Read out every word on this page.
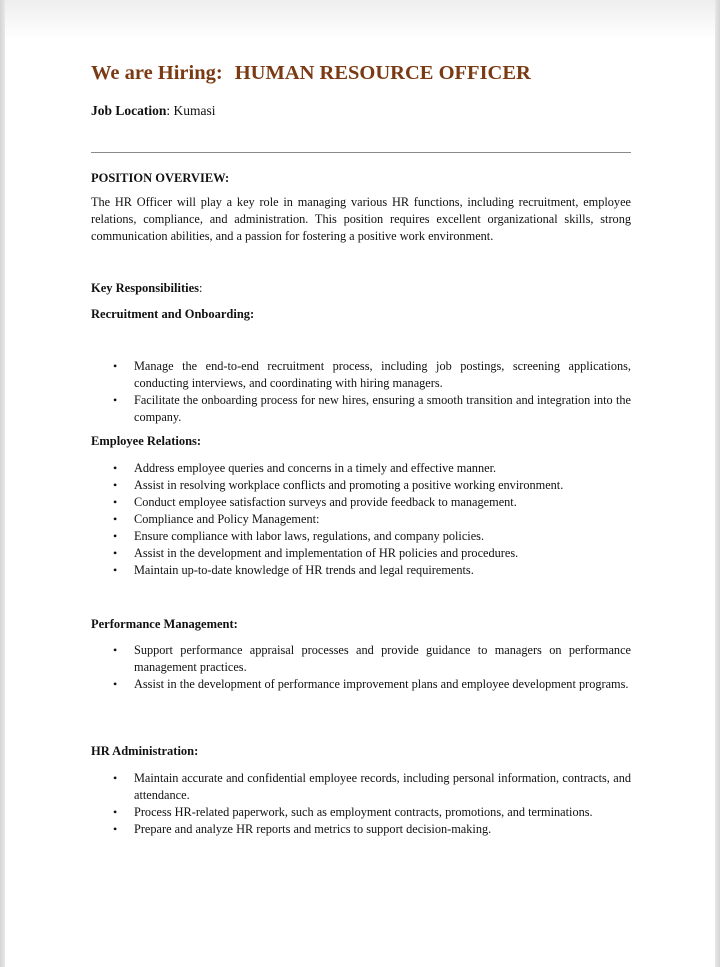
We are Hiring: HUMAN RESOURCE OFFICER
Job Location: Kumasi
POSITION OVERVIEW:
The HR Officer will play a key role in managing various HR functions, including recruitment, employee relations, compliance, and administration. This position requires excellent organizational skills, strong communication abilities, and a passion for fostering a positive work environment.
Key Responsibilities:
Recruitment and Onboarding:
• Manage the end-to-end recruitment process, including job postings, screening applications, conducting interviews, and coordinating with hiring managers.
• Facilitate the onboarding process for new hires, ensuring a smooth transition and integration into the company.
Employee Relations:
• Address employee queries and concerns in a timely and effective manner.
• Assist in resolving workplace conflicts and promoting a positive working environment.
• Conduct employee satisfaction surveys and provide feedback to management.
• Compliance and Policy Management:
• Ensure compliance with labor laws, regulations, and company policies.
• Assist in the development and implementation of HR policies and procedures.
• Maintain up-to-date knowledge of HR trends and legal requirements.
Performance Management:
• Support performance appraisal processes and provide guidance to managers on performance management practices.
• Assist in the development of performance improvement plans and employee development programs.
HR Administration:
• Maintain accurate and confidential employee records, including personal information, contracts, and attendance.
• Process HR-related paperwork, such as employment contracts, promotions, and terminations.
• Prepare and analyze HR reports and metrics to support decision-making.
